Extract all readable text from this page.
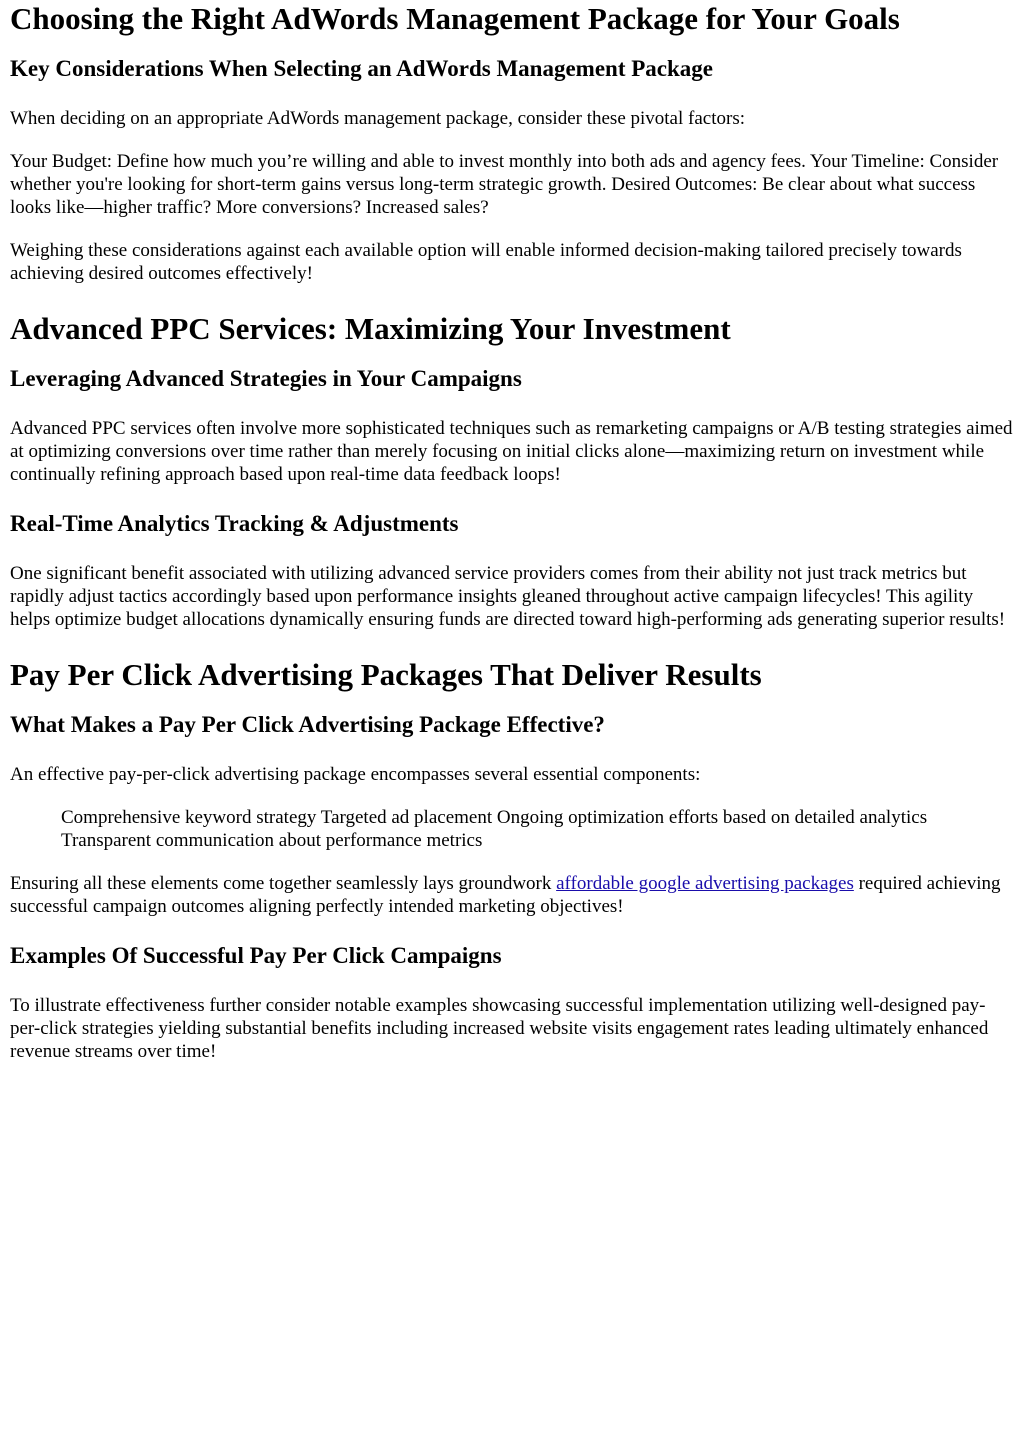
Choosing the Right AdWords Management Package for Your Goals
Key Considerations When Selecting an AdWords Management Package

When deciding on an appropriate AdWords management package, consider these pivotal factors:

Your Budget: Define how much you’re willing and able to invest monthly into both ads and agency fees. Your Timeline: Consider whether you're looking for short-term gains versus long-term strategic growth. Desired Outcomes: Be clear about what success looks like—higher traffic? More conversions? Increased sales?

Weighing these considerations against each available option will enable informed decision-making tailored precisely towards achieving desired outcomes effectively!

Advanced PPC Services: Maximizing Your Investment
Leveraging Advanced Strategies in Your Campaigns

Advanced PPC services often involve more sophisticated techniques such as remarketing campaigns or A/B testing strategies aimed at optimizing conversions over time rather than merely focusing on initial clicks alone—maximizing return on investment while continually refining approach based upon real-time data feedback loops!

Real-Time Analytics Tracking & Adjustments

One significant benefit associated with utilizing advanced service providers comes from their ability not just track metrics but rapidly adjust tactics accordingly based upon performance insights gleaned throughout active campaign lifecycles! This agility helps optimize budget allocations dynamically ensuring funds are directed toward high-performing ads generating superior results!

Pay Per Click Advertising Packages That Deliver Results
What Makes a Pay Per Click Advertising Package Effective?

An effective pay-per-click advertising package encompasses several essential components:

Comprehensive keyword strategy Targeted ad placement Ongoing optimization efforts based on detailed analytics Transparent communication about performance metrics

Ensuring all these elements come together seamlessly lays groundwork affordable google advertising packages required achieving successful campaign outcomes aligning perfectly intended marketing objectives!

Examples Of Successful Pay Per Click Campaigns

To illustrate effectiveness further consider notable examples showcasing successful implementation utilizing well-designed pay-per-click strategies yielding substantial benefits including increased website visits engagement rates leading ultimately enhanced revenue streams over time!
